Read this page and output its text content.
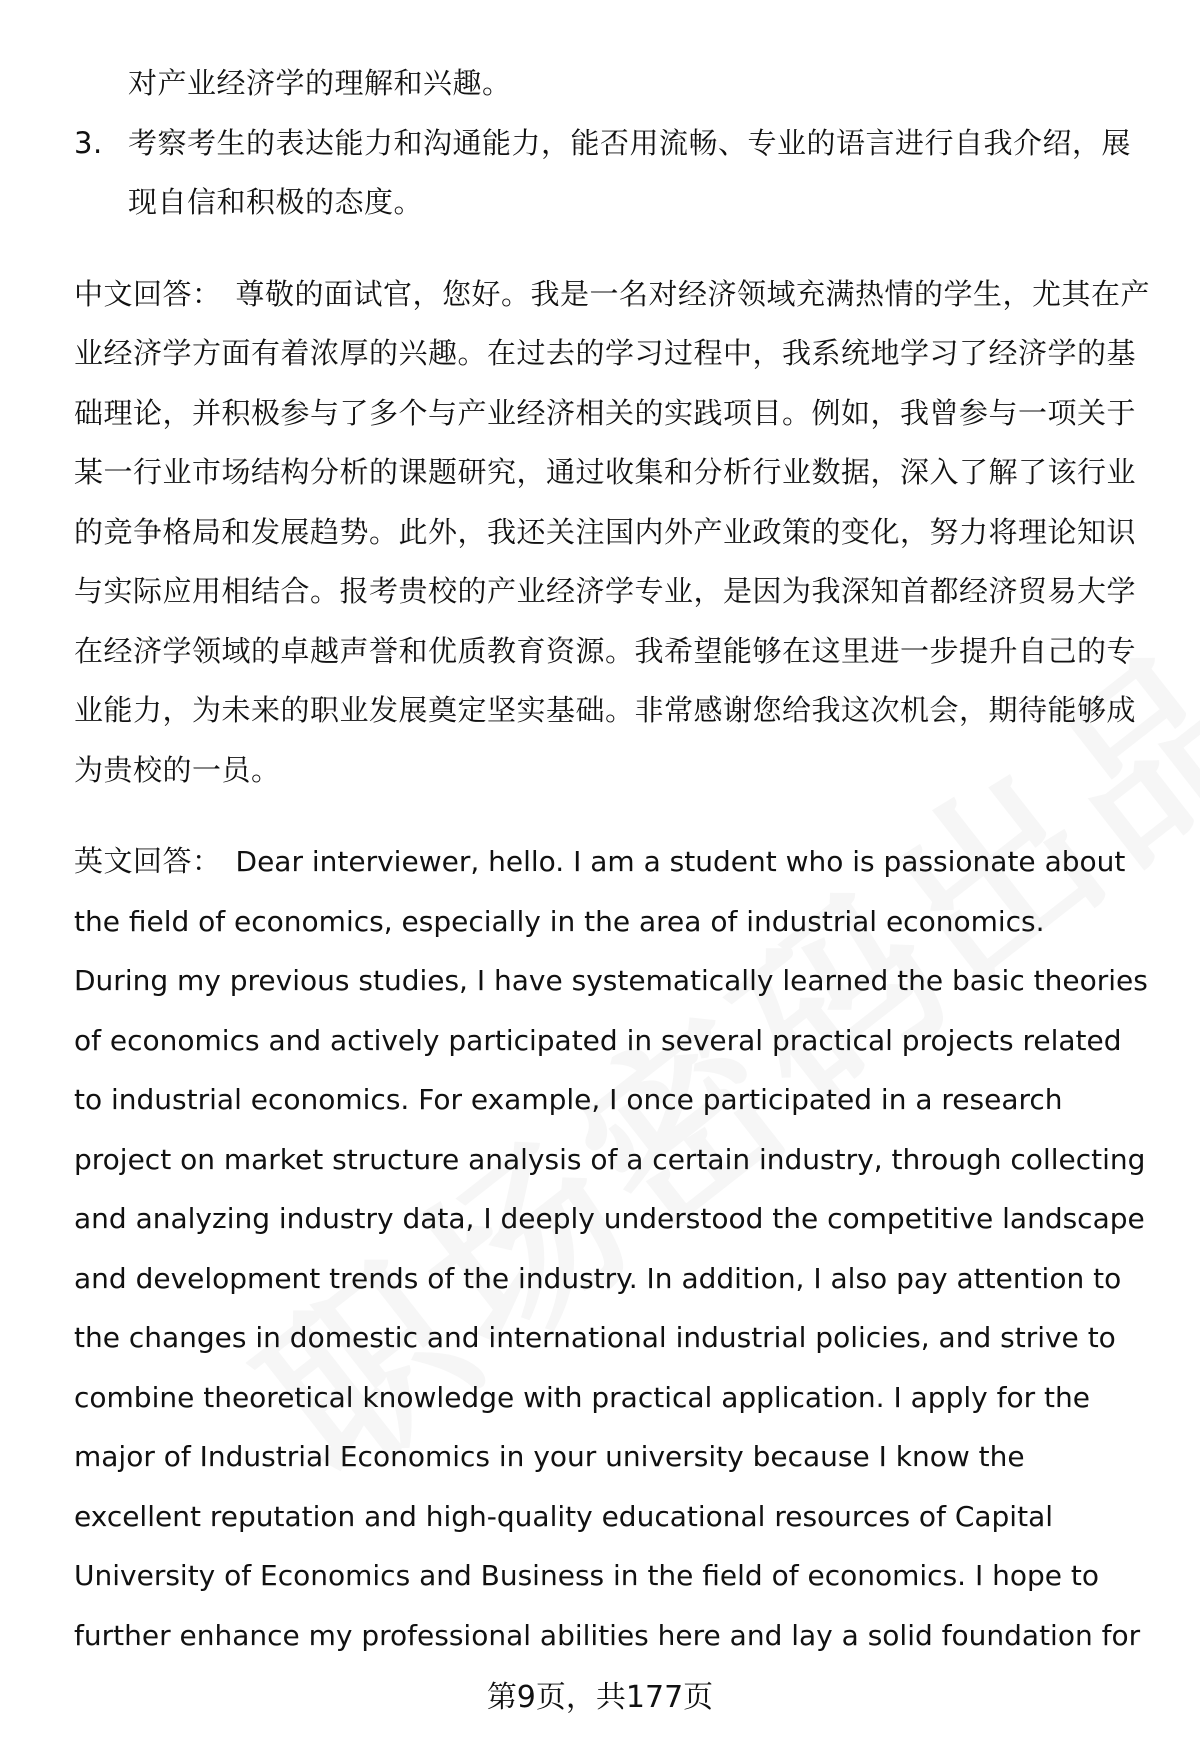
对产业经济学的理解和兴趣。
3. 考察考生的表达能力和沟通能力，能否用流畅、专业的语言进行自我介绍，展
现自信和积极的态度。
中文回答： 尊敬的面试官，您好。我是一名对经济领域充满热情的学生，尤其在产
业经济学方面有着浓厚的兴趣。在过去的学习过程中，我系统地学习了经济学的基
础理论，并积极参与了多个与产业经济相关的实践项目。例如，我曾参与一项关于
某一行业市场结构分析的课题研究，通过收集和分析行业数据，深入了解了该行业
的竞争格局和发展趋势。此外，我还关注国内外产业政策的变化，努力将理论知识
与实际应用相结合。报考贵校的产业经济学专业，是因为我深知首都经济贸易大学
在经济学领域的卓越声誉和优质教育资源。我希望能够在这里进一步提升自己的专
业能力，为未来的职业发展奠定坚实基础。非常感谢您给我这次机会，期待能够成
为贵校的一员。
英文回答： Dear interviewer, hello. I am a student who is passionate about
the field of economics, especially in the area of industrial economics.
During my previous studies, I have systematically learned the basic theories
of economics and actively participated in several practical projects related
to industrial economics. For example, I once participated in a research
project on market structure analysis of a certain industry, through collecting
and analyzing industry data, I deeply understood the competitive landscape
and development trends of the industry. In addition, I also pay attention to
the changes in domestic and international industrial policies, and strive to
combine theoretical knowledge with practical application. I apply for the
major of Industrial Economics in your university because I know the
excellent reputation and high-quality educational resources of Capital
University of Economics and Business in the field of economics. I hope to
further enhance my professional abilities here and lay a solid foundation for
第9页，共177页
